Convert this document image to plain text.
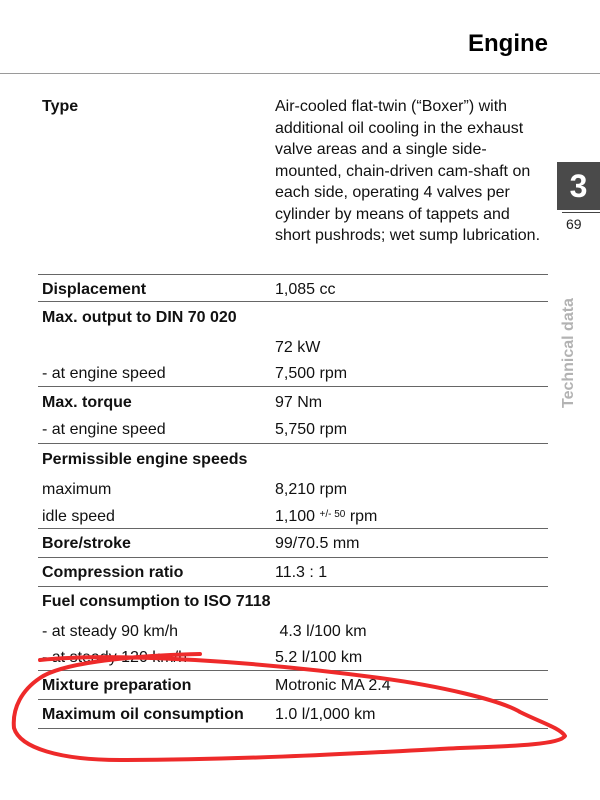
Engine
Type	Air-cooled flat-twin (“Boxer”) with additional oil cooling in the exhaust valve areas and a single side-mounted, chain-driven cam-shaft on each side, operating 4 valves per cylinder by means of tappets and short pushrods; wet sump lubrication.
Displacement	1,085 cc
Max. output to DIN 70 020
72 kW
- at engine speed	7,500 rpm
Max. torque	97 Nm
- at engine speed	5,750 rpm
Permissible engine speeds
maximum	8,210 rpm
idle speed	1,100 $^{+/- 50}$ rpm
Bore/stroke	99/70.5 mm
Compression ratio	11.3 : 1
Fuel consumption to ISO 7118
- at steady 90 km/h	4.3 l/100 km
- at steady 120 km/h	5.2 l/100 km
Mixture preparation	Motronic MA 2.4
Maximum oil consumption 1.0 l/1,000 km
3
69
Technical data
